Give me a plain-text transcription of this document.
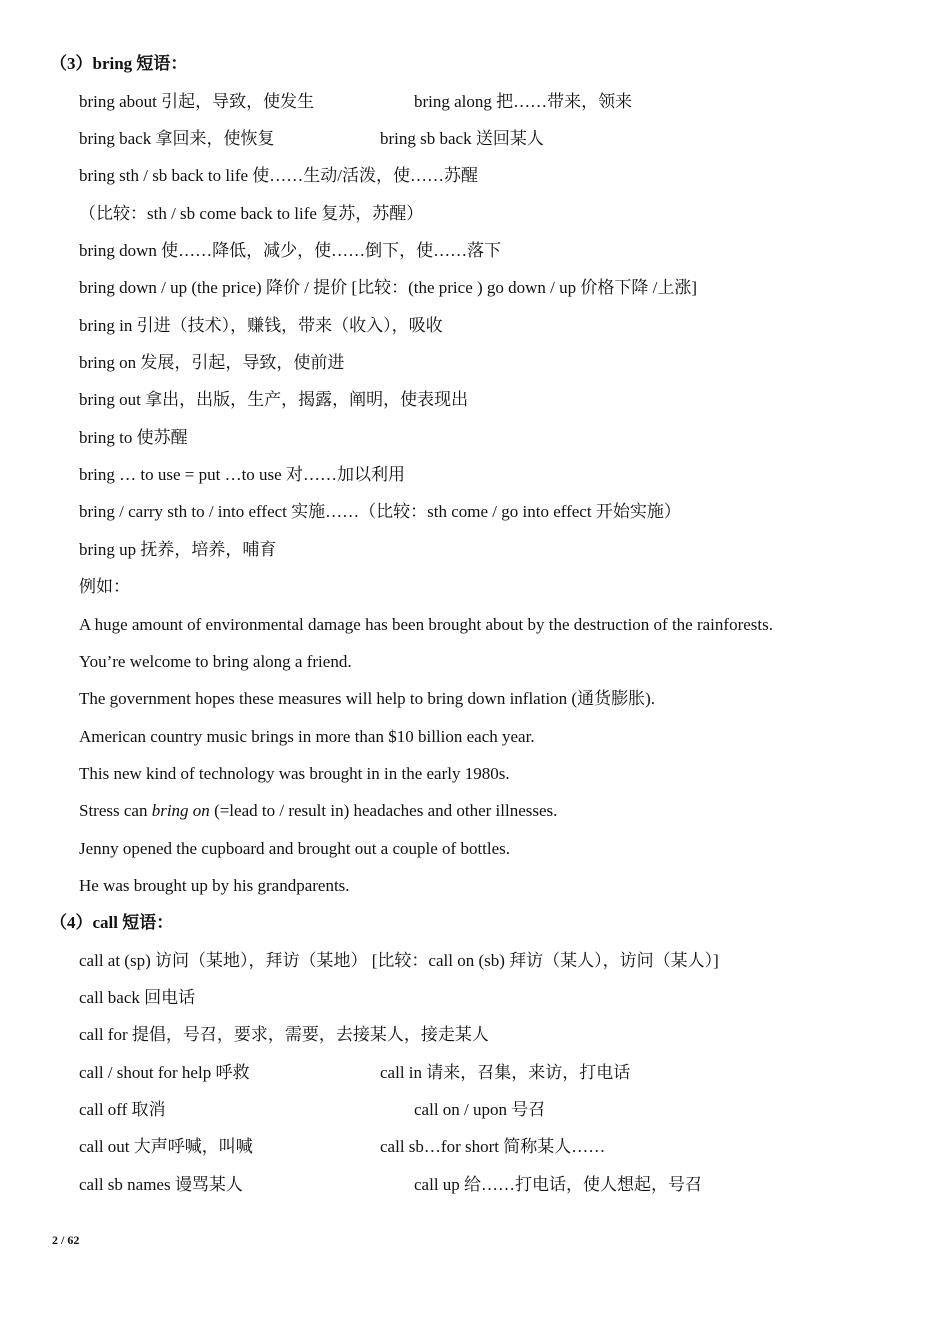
（3）bring 短语：
bring about 引起，导致，使发生	bring along 把……带来，领来
bring back 拿回来，使恢复	bring sb back 送回某人
bring sth / sb back to life 使……生动/活泼，使……苏醒
（比较：sth / sb come back to life 复苏，苏醒）
bring down 使……降低，减少，使……倒下，使……落下
bring down / up (the price) 降价 / 提价 [比较：(the price ) go down / up 价格下降 /上涨]
bring in 引进（技术），赚钱，带来（收入），吸收
bring on 发展，引起，导致，使前进
bring out 拿出，出版，生产，揭露，阐明，使表现出
bring to 使苏醒
bring … to use = put …to use 对……加以利用
bring / carry sth to / into effect 实施……（比较：sth come / go into effect 开始实施）
bring up 抚养，培养，哺育
例如：
A huge amount of environmental damage has been brought about by the destruction of the rainforests.
You’re welcome to bring along a friend.
The government hopes these measures will help to bring down inflation (通货膨胀).
American country music brings in more than $10 billion each year.
This new kind of technology was brought in in the early 1980s.
Stress can bring on (=lead to / result in) headaches and other illnesses.
Jenny opened the cupboard and brought out a couple of bottles.
He was brought up by his grandparents.
（4）call 短语：
call at (sp) 访问（某地），拜访（某地） [比较：call on (sb) 拜访（某人），访问（某人）]
call back 回电话
call for 提倡，号召，要求，需要，去接某人，接走某人
call / shout for help 呼救	call in 请来，召集，来访，打电话
call off 取消	call on / upon 号召
call out 大声呼喊，叫喊	call sb…for short 简称某人……
call sb names 谩骂某人	call up 给……打电话，使人想起，号召
2 / 62
